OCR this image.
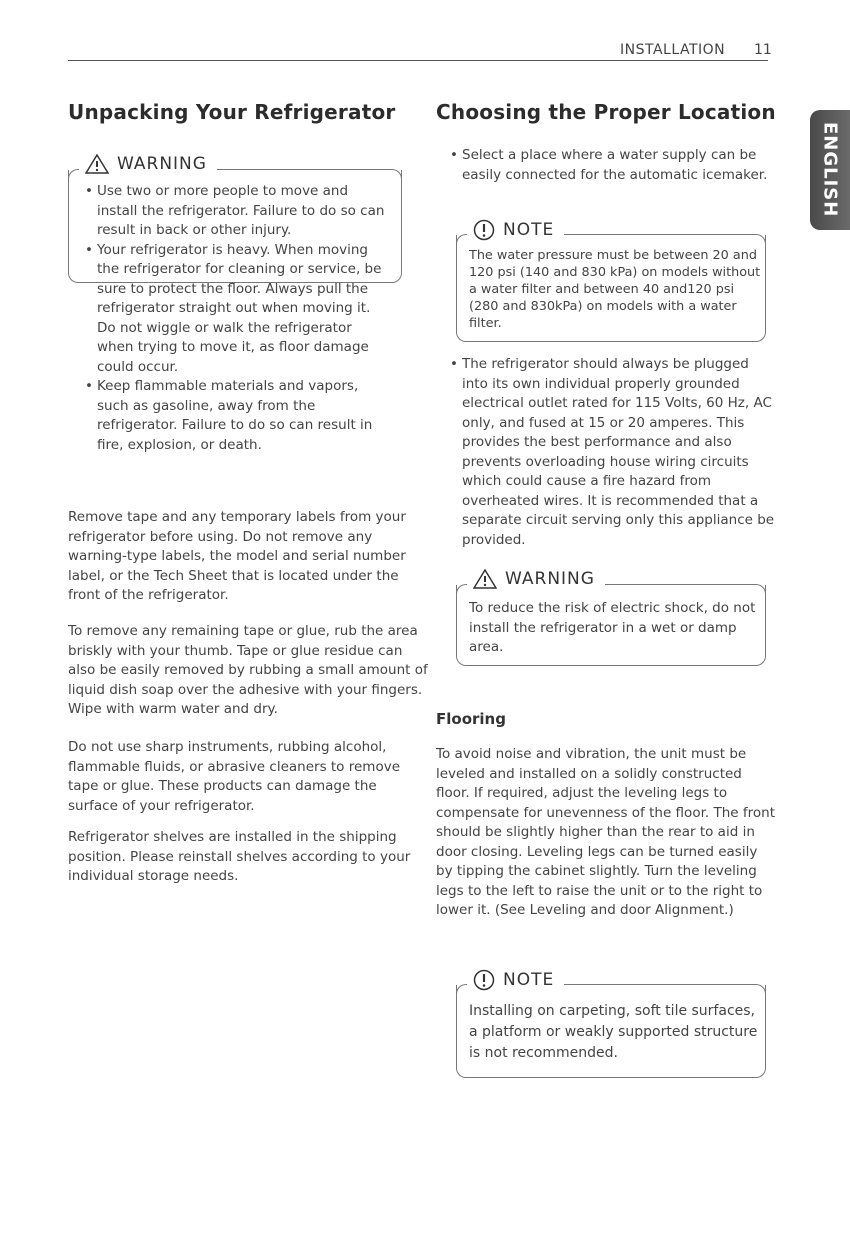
INSTALLATION 11
ENGLISH
Unpacking Your Refrigerator
WARNING
• Use two or more people to move and install the refrigerator. Failure to do so can result in back or other injury.
• Your refrigerator is heavy. When moving the refrigerator for cleaning or service, be sure to protect the floor. Always pull the refrigerator straight out when moving it. Do not wiggle or walk the refrigerator when trying to move it, as floor damage could occur.
• Keep flammable materials and vapors, such as gasoline, away from the refrigerator. Failure to do so can result in fire, explosion, or death.

Remove tape and any temporary labels from your refrigerator before using. Do not remove any warning-type labels, the model and serial number label, or the Tech Sheet that is located under the front of the refrigerator.

To remove any remaining tape or glue, rub the area briskly with your thumb. Tape or glue residue can also be easily removed by rubbing a small amount of liquid dish soap over the adhesive with your fingers. Wipe with warm water and dry.

Do not use sharp instruments, rubbing alcohol, flammable fluids, or abrasive cleaners to remove tape or glue. These products can damage the surface of your refrigerator.

Refrigerator shelves are installed in the shipping position. Please reinstall shelves according to your individual storage needs.

Choosing the Proper Location
• Select a place where a water supply can be easily connected for the automatic icemaker.
NOTE
The water pressure must be between 20 and 120 psi (140 and 830 kPa) on models without a water filter and between 40 and120 psi (280 and 830kPa) on models with a water filter.
• The refrigerator should always be plugged into its own individual properly grounded electrical outlet rated for 115 Volts, 60 Hz, AC only, and fused at 15 or 20 amperes. This provides the best performance and also prevents overloading house wiring circuits which could cause a fire hazard from overheated wires. It is recommended that a separate circuit serving only this appliance be provided.
WARNING
To reduce the risk of electric shock, do not install the refrigerator in a wet or damp area.
Flooring

To avoid noise and vibration, the unit must be leveled and installed on a solidly constructed floor. If required, adjust the leveling legs to compensate for unevenness of the floor. The front should be slightly higher than the rear to aid in door closing. Leveling legs can be turned easily by tipping the cabinet slightly. Turn the leveling legs to the left to raise the unit or to the right to lower it. (See Leveling and door Alignment.)

NOTE
Installing on carpeting, soft tile surfaces, a platform or weakly supported structure is not recommended.
